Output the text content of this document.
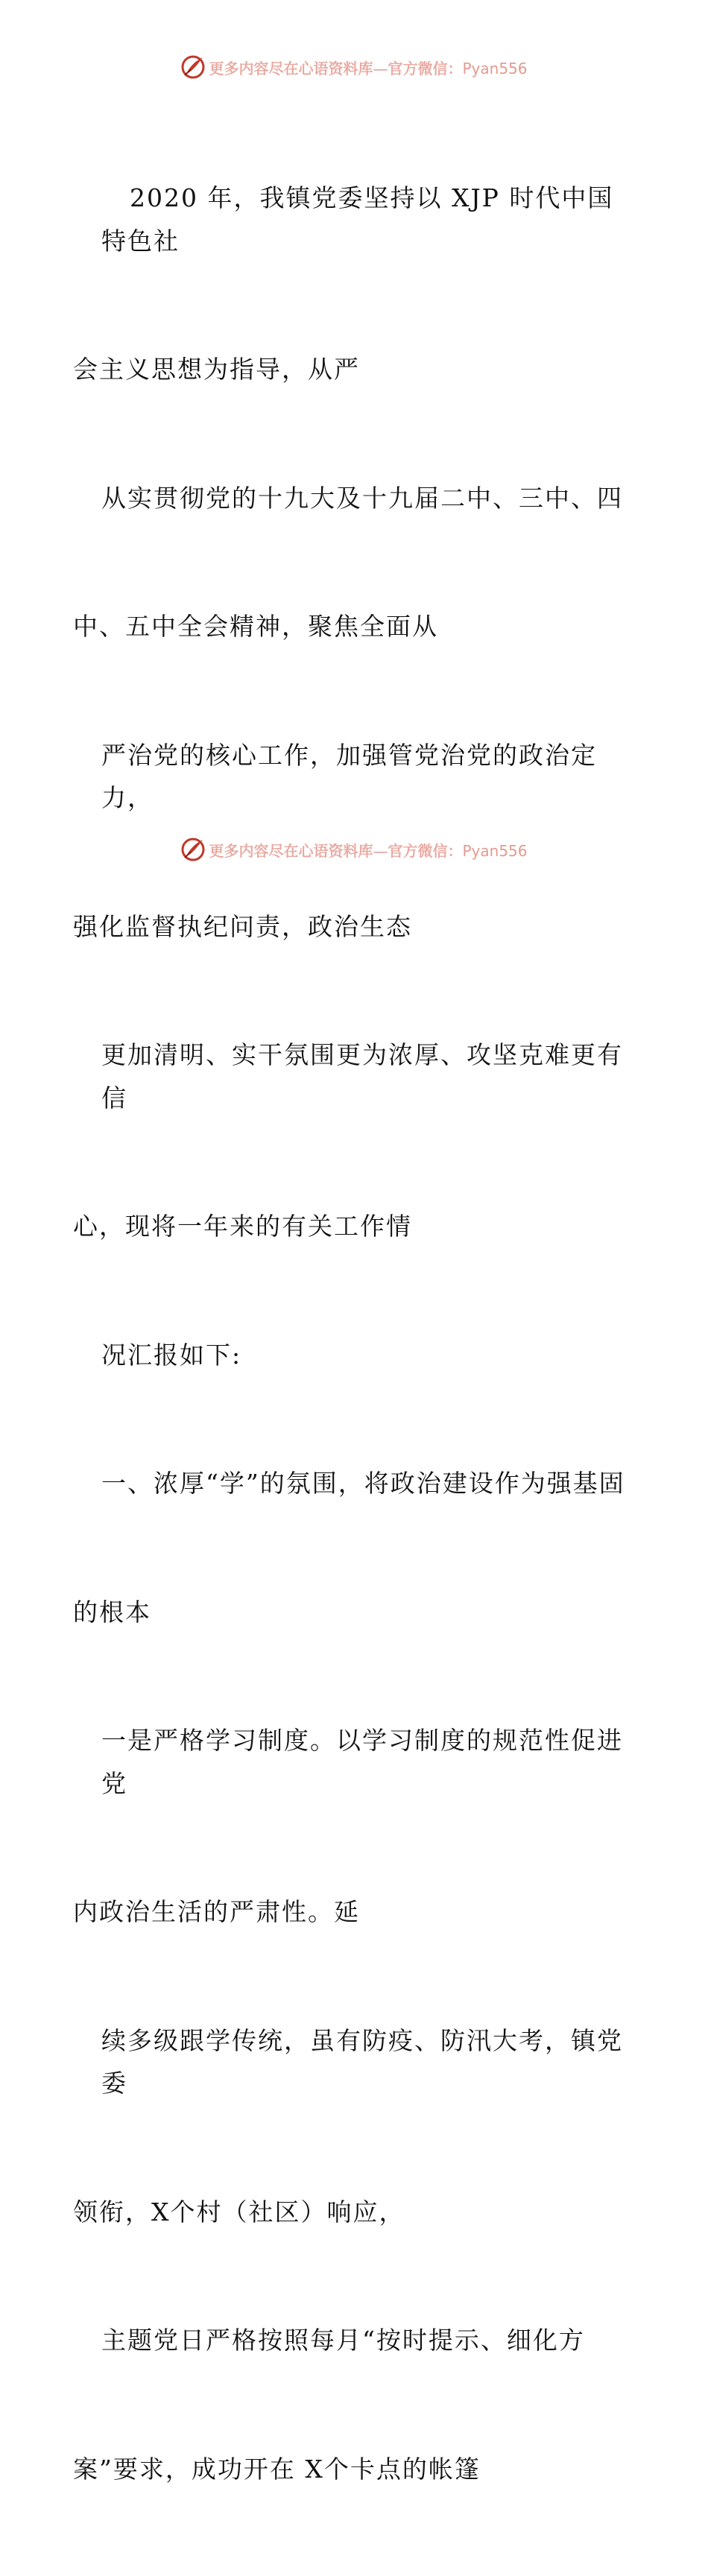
更多内容尽在心语资料库—官方微信：Pyan556

2020 年，我镇党委坚持以 XJP 时代中国特色社

会主义思想为指导，从严

从实贯彻党的十九大及十九届二中、三中、四

中、五中全会精神，聚焦全面从

严治党的核心工作，加强管党治党的政治定力，

强化监督执纪问责，政治生态

更加清明、实干氛围更为浓厚、攻坚克难更有信

心，现将一年来的有关工作情

况汇报如下:

一、浓厚“学”的氛围，将政治建设作为强基固

的根本

一是严格学习制度。以学习制度的规范性促进党

内政治生活的严肃性。延

续多级跟学传统，虽有防疫、防汛大考，镇党委

领衔，X个村（社区）响应，

主题党日严格按照每月“按时提示、细化方

案”要求，成功开在 X个卡点的帐篷

更多内容尽在心语资料库—官方微信：Pyan556
